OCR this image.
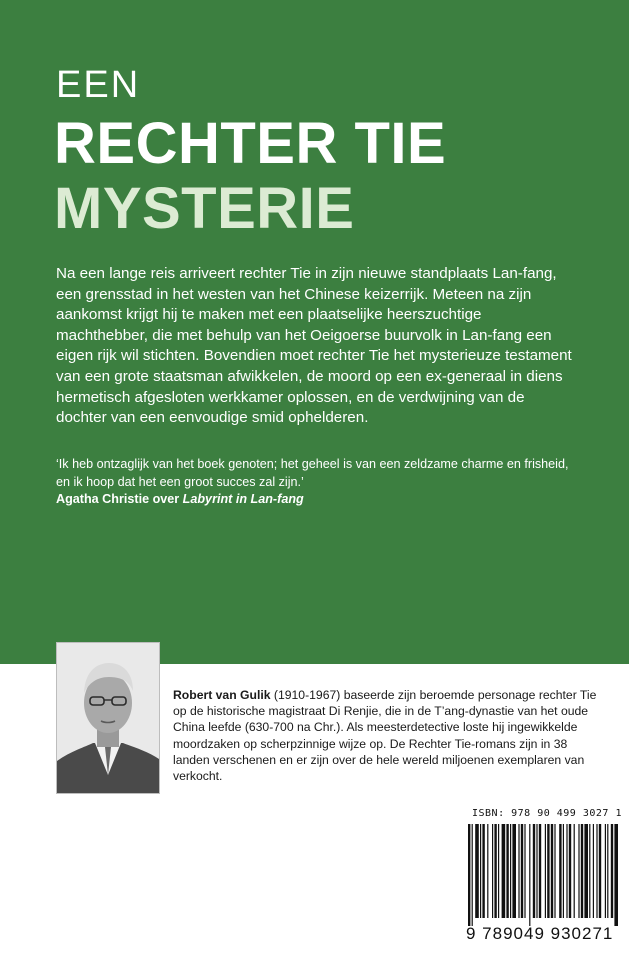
EEN
RECHTER TIE
MYSTERIE

Na een lange reis arriveert rechter Tie in zijn nieuwe standplaats Lan-fang, een grensstad in het westen van het Chinese keizerrijk. Meteen na zijn aankomst krijgt hij te maken met een plaatselijke heerszuchtige machthebber, die met behulp van het Oeigoerse buurvolk in Lan-fang een eigen rijk wil stichten. Bovendien moet rechter Tie het mysterieuze testament van een grote staatsman afwikkelen, de moord op een ex-generaal in diens hermetisch afgesloten werkkamer oplossen, en de verdwijning van de dochter van een eenvoudige smid ophelderen.

‘Ik heb ontzaglijk van het boek genoten; het geheel is van een zeldzame charme en frisheid, en ik hoop dat het een groot succes zal zijn.’
Agatha Christie over Labyrint in Lan-fang

Robert van Gulik (1910-1967) baseerde zijn beroemde personage rechter Tie op de historische magistraat Di Renjie, die in de T’ang-dynastie van het oude China leefde (630-700 na Chr.). Als meesterdetective loste hij ingewikkelde moordzaken op scherpzinnige wijze op. De Rechter Tie-romans zijn in 38 landen verschenen en er zijn over de hele wereld miljoenen exemplaren van verkocht.

ISBN: 978 90 499 3027 1
9 789049 930271
